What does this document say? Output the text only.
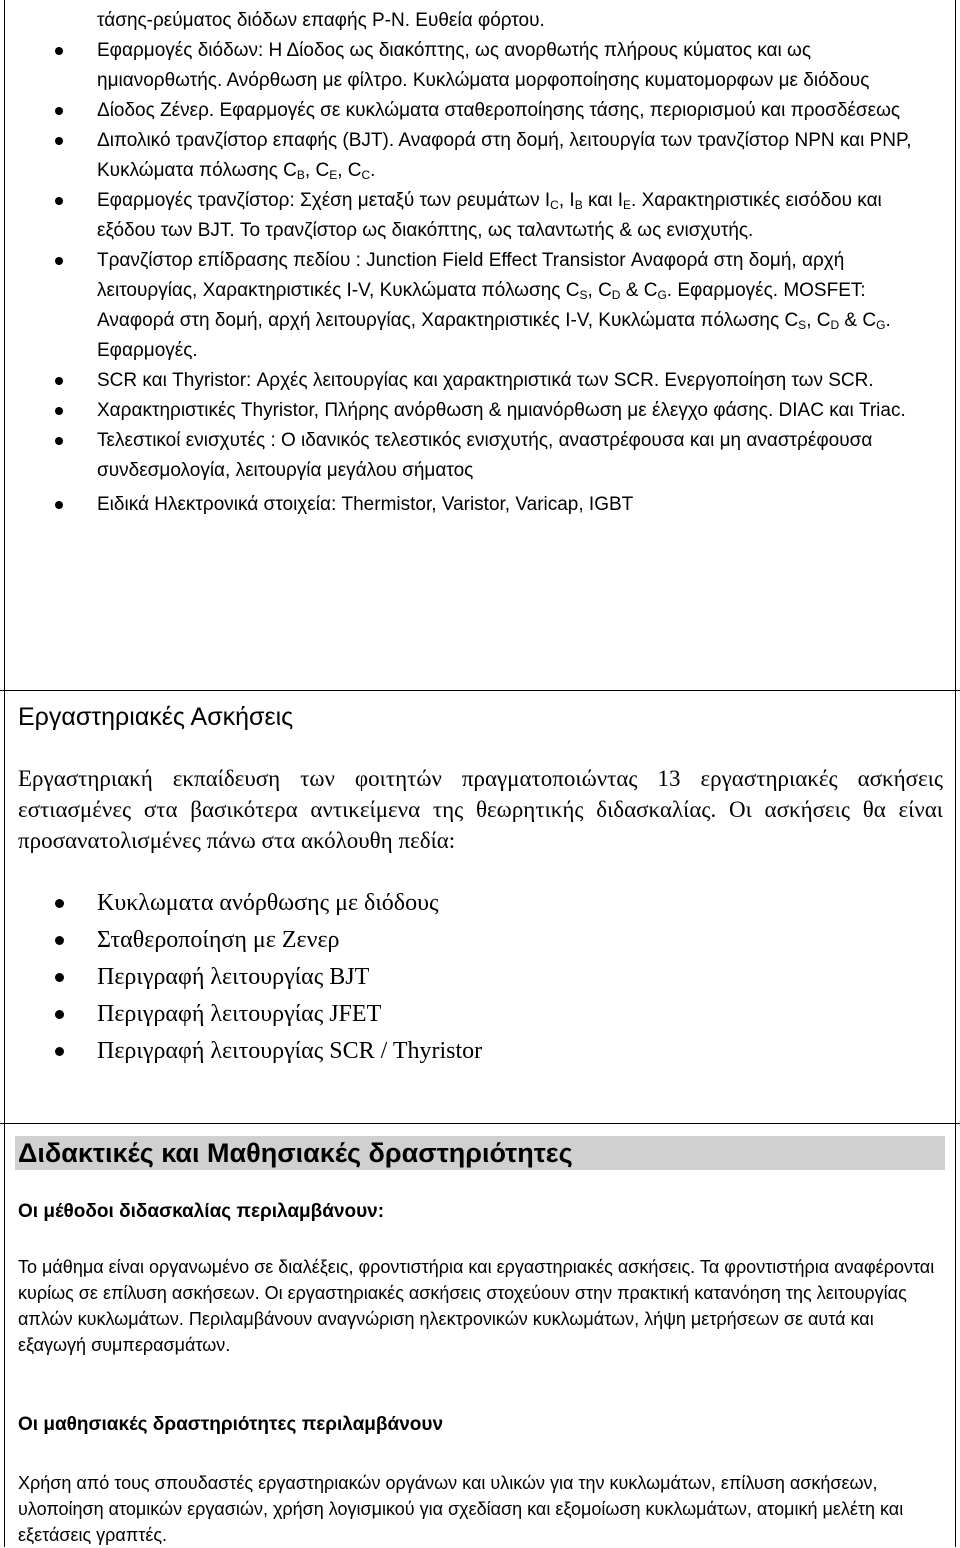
τάσης-ρεύματος διόδων επαφής P-N. Ευθεία φόρτου.
Εφαρμογές διόδων: Η Δίοδος ως διακόπτης, ως ανορθωτής πλήρους κύματος και ως ημιανορθωτής. Ανόρθωση με φίλτρο. Κυκλώματα μορφοποίησης κυματομορφων με διόδους
Δίοδος Ζένερ. Εφαρμογές σε κυκλώματα σταθεροποίησης τάσης, περιορισμού και προσδέσεως
Διπολικό τρανζίστορ επαφής (BJT). Αναφορά στη δομή, λειτουργία των τρανζίστορ NPN και PNP, Κυκλώματα πόλωσης $C_B$, $C_E$, $C_C$.
Εφαρμογές τρανζίστορ: Σχέση μεταξύ των ρευμάτων $I_C$, $I_B$ και $I_E$. Χαρακτηριστικές εισόδου και εξόδου των BJT. Το τρανζίστορ ως διακόπτης, ως ταλαντωτής & ως ενισχυτής.
Τρανζίστορ επίδρασης πεδίου : Junction Field Effect Transistor Αναφορά στη δομή, αρχή λειτουργίας, Χαρακτηριστικές I-V, Κυκλώματα πόλωσης $C_S$, $C_D$ & $C_G$. Εφαρμογές. MOSFET: Αναφορά στη δομή, αρχή λειτουργίας, Χαρακτηριστικές I-V, Κυκλώματα πόλωσης $C_S$, $C_D$ & $C_G$. Εφαρμογές.
SCR και Thyristor: Αρχές λειτουργίας και χαρακτηριστικά των SCR. Ενεργοποίηση των SCR.
Χαρακτηριστικές Thyristor, Πλήρης ανόρθωση & ημιανόρθωση με έλεγχο φάσης. DIAC και Triac.
Τελεστικοί ενισχυτές : Ο ιδανικός τελεστικός ενισχυτής, αναστρέφουσα και μη αναστρέφουσα συνδεσμολογία, λειτουργία μεγάλου σήματος
Ειδικά Ηλεκτρονικά στοιχεία: Thermistor, Varistor, Varicap, IGBT
Εργαστηριακές Ασκήσεις

Εργαστηριακή εκπαίδευση των φοιτητών πραγματοποιώντας 13 εργαστηριακές ασκήσεις εστιασμένες στα βασικότερα αντικείμενα της θεωρητικής διδασκαλίας. Οι ασκήσεις θα είναι προσανατολισμένες πάνω στα ακόλουθη πεδία:

Κυκλωματα ανόρθωσης με διόδους
Σταθεροποίηση με Ζενερ
Περιγραφή λειτουργίας BJT
Περιγραφή λειτουργίας JFET
Περιγραφή λειτουργίας SCR / Thyristor
Διδακτικές και Μαθησιακές δραστηριότητες
Οι μέθοδοι διδασκαλίας περιλαμβάνουν:

Το μάθημα είναι οργανωμένο σε διαλέξεις, φροντιστήρια και εργαστηριακές ασκήσεις. Τα φροντιστήρια αναφέρονται κυρίως σε επίλυση ασκήσεων. Οι εργαστηριακές ασκήσεις στοχεύουν στην πρακτική κατανόηση της λειτουργίας απλών κυκλωμάτων. Περιλαμβάνουν αναγνώριση ηλεκτρονικών κυκλωμάτων, λήψη μετρήσεων σε αυτά και εξαγωγή συμπερασμάτων.

Οι μαθησιακές δραστηριότητες περιλαμβάνουν

Χρήση από τους σπουδαστές εργαστηριακών οργάνων και υλικών για την κυκλωμάτων, επίλυση ασκήσεων, υλοποίηση ατομικών εργασιών, χρήση λογισμικού για σχεδίαση και εξομοίωση κυκλωμάτων, ατομική μελέτη και εξετάσεις γραπτές.
